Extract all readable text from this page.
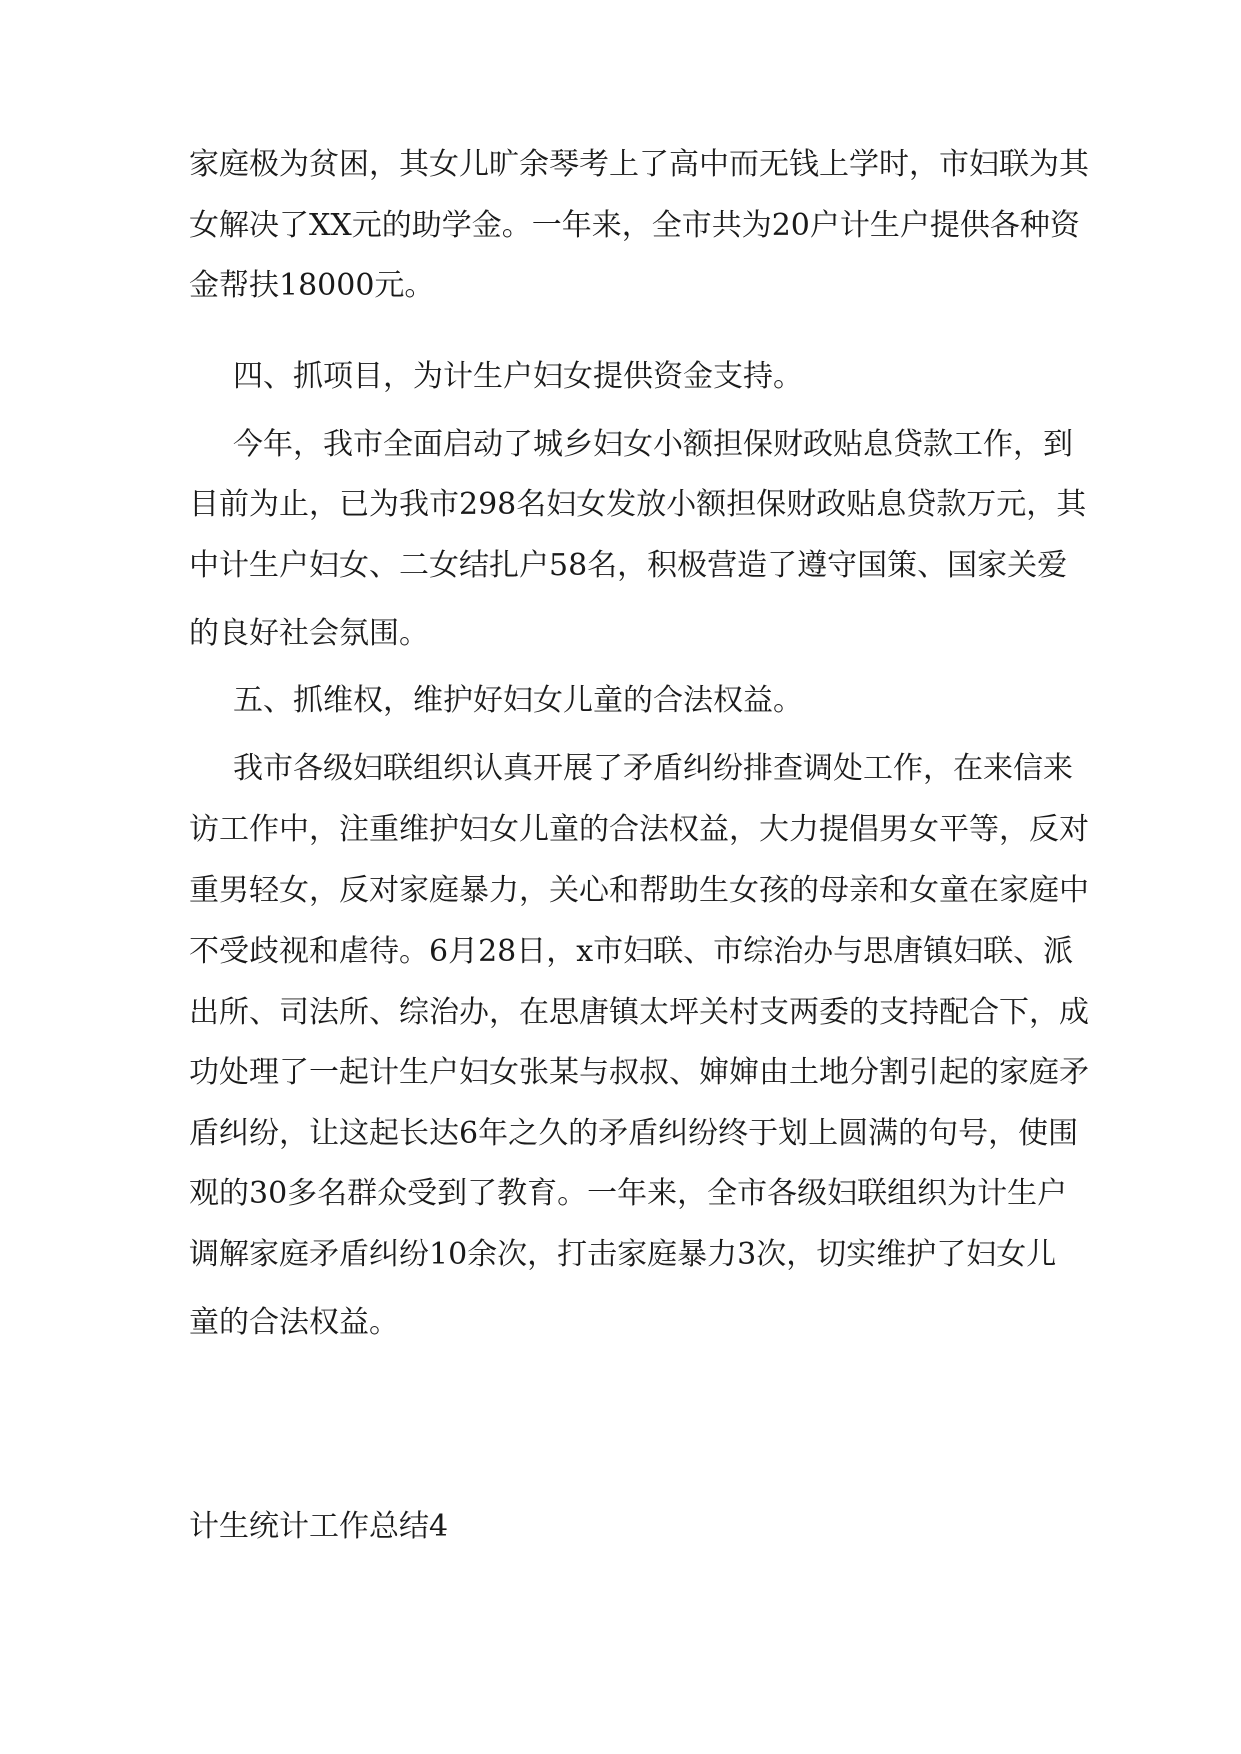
家庭极为贫困，其女儿旷余琴考上了高中而无钱上学时，市妇联为其

女解决了XX元的助学金。一年来，全市共为20户计生户提供各种资

金帮扶18000元。

四、抓项目，为计生户妇女提供资金支持。

今年，我市全面启动了城乡妇女小额担保财政贴息贷款工作，到

目前为止，已为我市298名妇女发放小额担保财政贴息贷款万元，其

中计生户妇女、二女结扎户58名，积极营造了遵守国策、国家关爱

的良好社会氛围。

五、抓维权，维护好妇女儿童的合法权益。

我市各级妇联组织认真开展了矛盾纠纷排查调处工作，在来信来

访工作中，注重维护妇女儿童的合法权益，大力提倡男女平等，反对

重男轻女，反对家庭暴力，关心和帮助生女孩的母亲和女童在家庭中

不受歧视和虐待。6月28日，x市妇联、市综治办与思唐镇妇联、派

出所、司法所、综治办，在思唐镇太坪关村支两委的支持配合下，成

功处理了一起计生户妇女张某与叔叔、婶婶由土地分割引起的家庭矛

盾纠纷，让这起长达6年之久的矛盾纠纷终于划上圆满的句号，使围

观的30多名群众受到了教育。一年来，全市各级妇联组织为计生户

调解家庭矛盾纠纷10余次，打击家庭暴力3次，切实维护了妇女儿

童的合法权益。

计生统计工作总结4
